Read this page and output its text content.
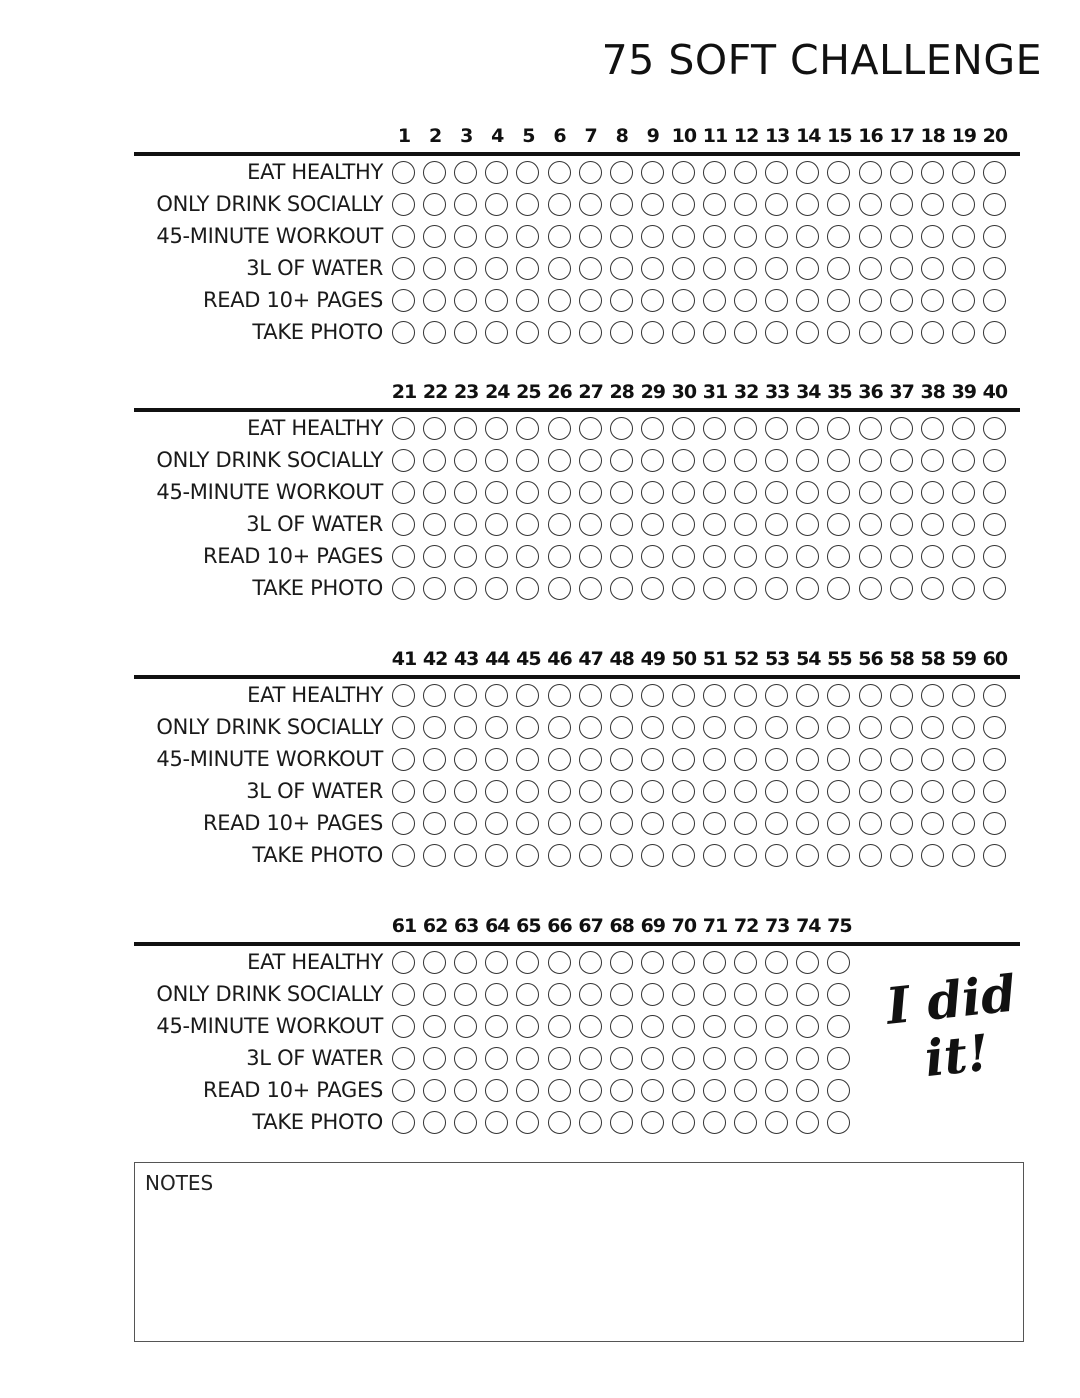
75 SOFT CHALLENGE
1 2 3 4 5 6 7 8 9 10 11 12 13 14 15 16 17 18 19 20
EAT HEALTHY
ONLY DRINK SOCIALLY
45-MINUTE WORKOUT
3L OF WATER
READ 10+ PAGES
TAKE PHOTO
21 22 23 24 25 26 27 28 29 30 31 32 33 34 35 36 37 38 39 40
EAT HEALTHY
ONLY DRINK SOCIALLY
45-MINUTE WORKOUT
3L OF WATER
READ 10+ PAGES
TAKE PHOTO
41 42 43 44 45 46 47 48 49 50 51 52 53 54 55 56 58 58 59 60
EAT HEALTHY
ONLY DRINK SOCIALLY
45-MINUTE WORKOUT
3L OF WATER
READ 10+ PAGES
TAKE PHOTO
61 62 63 64 65 66 67 68 69 70 71 72 73 74 75
EAT HEALTHY
ONLY DRINK SOCIALLY
45-MINUTE WORKOUT
3L OF WATER
READ 10+ PAGES
TAKE PHOTO
I did it!
NOTES
